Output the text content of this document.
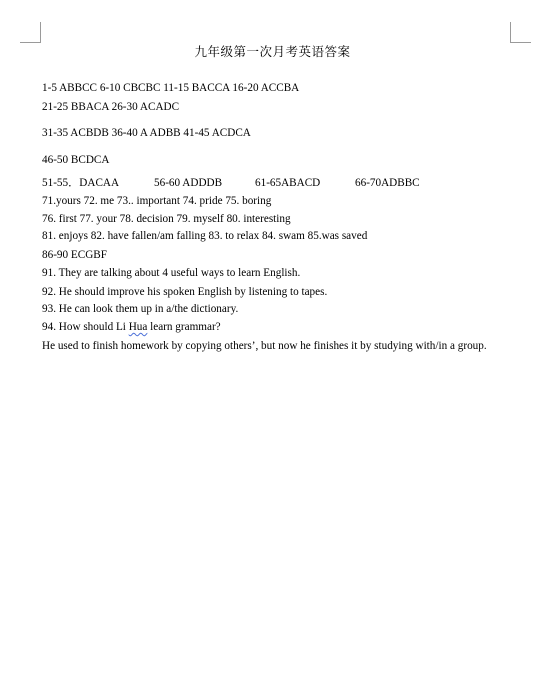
九年级第一次月考英语答案
1-5 ABBCC 6-10 CBCBC 11-15 BACCA 16-20 ACCBA
21-25 BBACA 26-30 ACADC
31-35 ACBDB 36-40 A ADBB 41-45 ACDCA
46-50 BCDCA
51-55．DACAA	56-60 ADDDB	61-65ABACD	66-70ADBBC
71.yours 72. me 73.. important 74. pride 75. boring
76. first 77. your 78. decision 79. myself 80. interesting
81. enjoys 82. have fallen/am falling 83. to relax 84. swam 85.was saved
86-90 ECGBF
91. They are talking about 4 useful ways to learn English.
92. He should improve his spoken English by listening to tapes.
93. He can look them up in a/the dictionary.
94. How should Li Hua learn grammar?
He used to finish homework by copying others’, but now he finishes it by studying with/in a group.
